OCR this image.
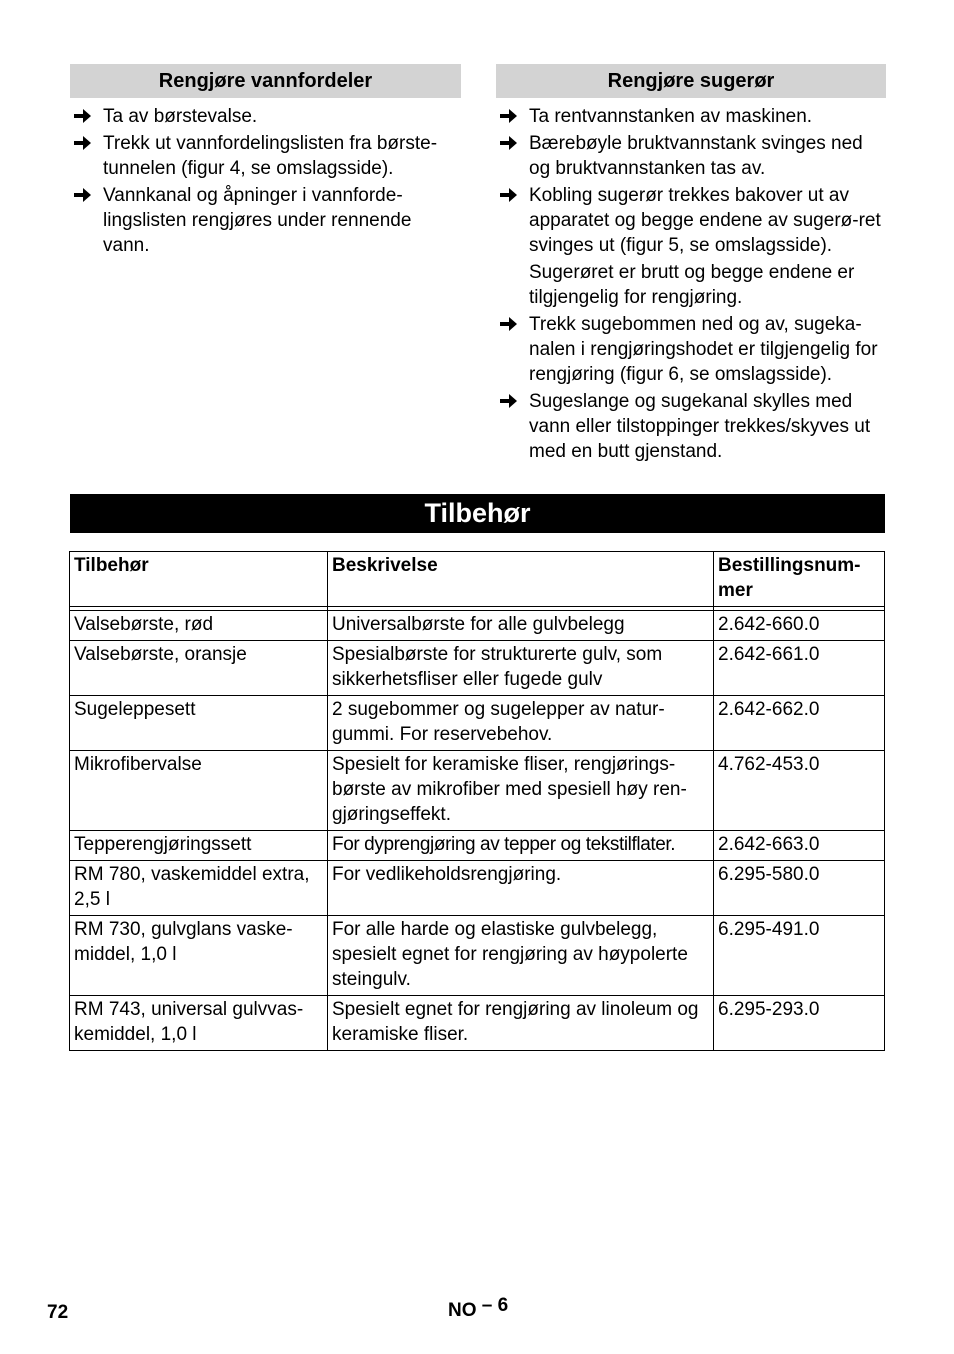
Rengjøre vannfordeler
Ta av børstevalse.
Trekk ut vannfordelingslisten fra børste-tunnelen (figur 4, se omslagsside).
Vannkanal og åpninger i vannforde-lingslisten rengjøres under rennende vann.
Rengjøre sugerør
Ta rentvannstanken av maskinen.
Bærebøyle bruktvannstank svinges ned og bruktvannstanken tas av.
Kobling sugerør trekkes bakover ut av apparatet og begge endene av sugerø-ret svinges ut (figur 5, se omslagsside).
Sugerøret er brutt og begge endene er tilgjengelig for rengjøring.
Trekk sugebommen ned og av, sugeka-nalen i rengjøringshodet er tilgjengelig for rengjøring (figur 6, se omslagsside).
Sugeslange og sugekanal skylles med vann eller tilstoppinger trekkes/skyves ut med en butt gjenstand.
Tilbehør
Tilbehør	Beskrivelse	Bestillingsnum-mer

Valsebørste, rød	Universalbørste for alle gulvbelegg	2.642-660.0
Valsebørste, oransje	Spesialbørste for strukturerte gulv, som sikkerhetsfliser eller fugede gulv	2.642-661.0
Sugeleppesett	2 sugebommer og sugelepper av natur-gummi. For reservebehov.	2.642-662.0
Mikrofibervalse	Spesielt for keramiske fliser, rengjørings-børste av mikrofiber med spesiell høy ren-gjøringseffekt.	4.762-453.0
Tepperengjøringssett	For dyprengjøring av tepper og tekstilflater.	2.642-663.0
RM 780, vaskemiddel extra, 2,5 l	For vedlikeholdsrengjøring.	6.295-580.0
RM 730, gulvglans vaske-middel, 1,0 l	For alle harde og elastiske gulvbelegg, spesielt egnet for rengjøring av høypolerte steingulv.	6.295-491.0
RM 743, universal gulvvas-kemiddel, 1,0 l	Spesielt egnet for rengjøring av linoleum og keramiske fliser.	6.295-293.0
72	NO – 6
